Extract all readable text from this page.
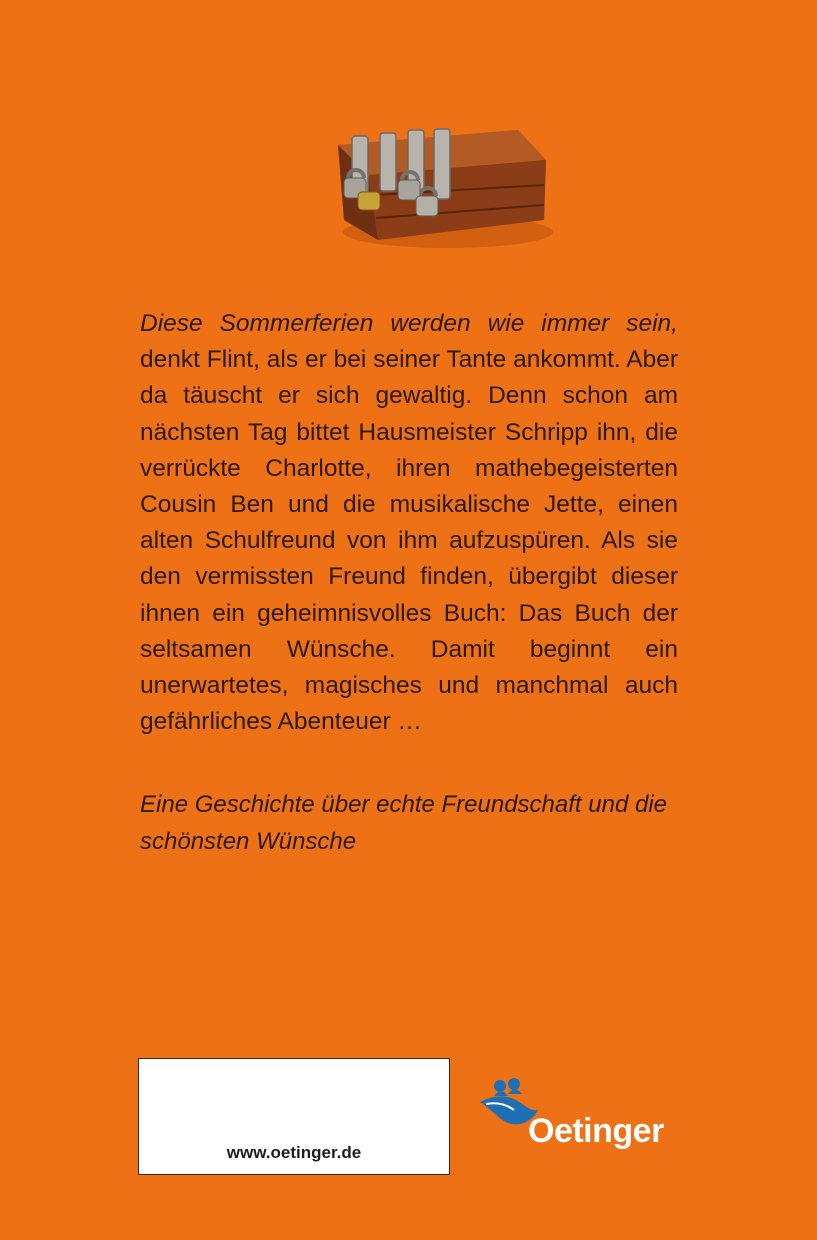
Diese Sommerferien werden wie immer sein, denkt Flint, als er bei seiner Tante ankommt. Aber da täuscht er sich gewaltig. Denn schon am nächsten Tag bittet Hausmeister Schripp ihn, die verrückte Charlotte, ihren mathebegeisterten Cousin Ben und die musikalische Jette, einen alten Schulfreund von ihm aufzuspüren. Als sie den vermissten Freund finden, übergibt dieser ihnen ein geheimnisvolles Buch: Das Buch der seltsamen Wünsche. Damit beginnt ein unerwartetes, magisches und manchmal auch gefährliches Abenteuer …

Eine Geschichte über echte Freundschaft und die schönsten Wünsche

www.oetinger.de
Oetinger
